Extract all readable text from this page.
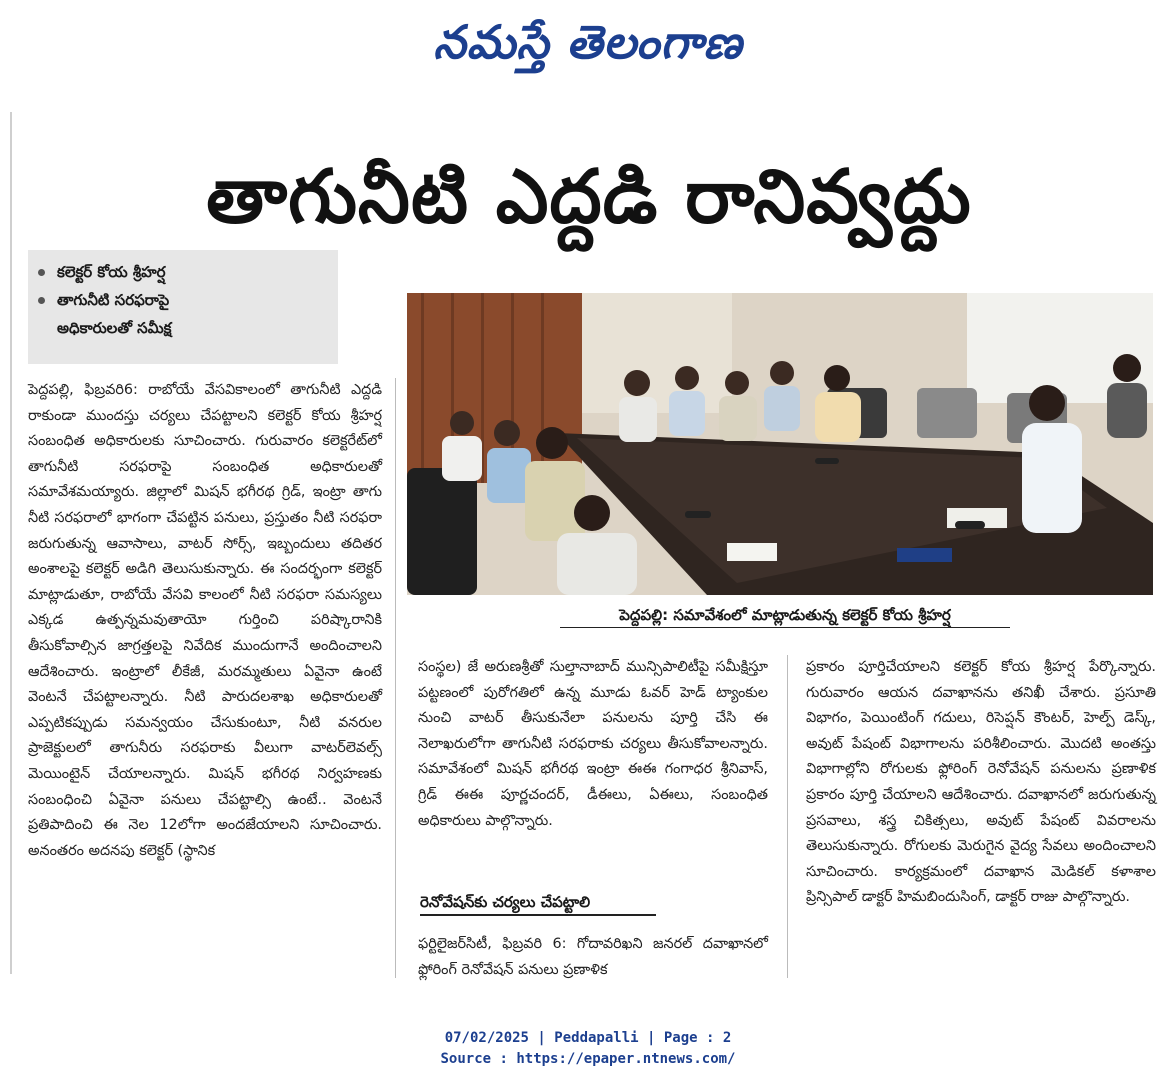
నమస్తే తెలంగాణ
తాగునీటి ఎద్దడి రానివ్వద్దు
కలెక్టర్ కోయ శ్రీహర్ష
తాగునీటి సరఫరాపై
అధికారులతో సమీక్ష
పెద్దపల్లి: సమావేశంలో మాట్లాడుతున్న కలెక్టర్ కోయ శ్రీహర్ష

పెద్దపల్లి, ఫిబ్రవరి6: రాబోయే వేసవికాలంలో తాగునీటి ఎద్దడి రాకుండా ముందస్తు చర్యలు చేపట్టాలని కలెక్టర్ కోయ శ్రీహర్ష సంబంధిత అధికారులకు సూచించారు. గురువారం కలెక్టరేట్‌లో తాగునీటి సరఫరాపై సంబంధిత అధికారులతో సమావేశమయ్యారు. జిల్లాలో మిషన్ భగీరథ గ్రిడ్, ఇంట్రా తాగు నీటి సరఫరాలో భాగంగా చేపట్టిన పనులు, ప్రస్తుతం నీటి సరఫరా జరుగుతున్న ఆవాసాలు, వాటర్ సోర్స్, ఇబ్బందులు తదితర అంశాలపై కలెక్టర్ అడిగి తెలుసుకున్నారు. ఈ సందర్భంగా కలెక్టర్ మాట్లాడుతూ, రాబోయే వేసవి కాలంలో నీటి సరఫరా సమస్యలు ఎక్కడ ఉత్పన్నమవుతాయో గుర్తించి పరిష్కారానికి తీసుకోవాల్సిన జాగ్రత్తలపై నివేదిక ముందుగానే అందించాలని ఆదేశించారు. ఇంట్రాలో లీకేజీ, మరమ్మతులు ఏవైనా ఉంటే వెంటనే చేపట్టాలన్నారు. నీటి పారుదలశాఖ అధికారులతో ఎప్పటికప్పుడు సమన్వయం చేసుకుంటూ, నీటి వనరుల ప్రాజెక్టులలో తాగునీరు సరఫరాకు వీలుగా వాటర్‌లెవల్స్ మెయింటైన్ చేయాలన్నారు. మిషన్ భగీరథ నిర్వహణకు సంబంధించి ఏవైనా పనులు చేపట్టాల్సి ఉంటే.. వెంటనే ప్రతిపాదించి ఈ నెల 12లోగా అందజేయాలని సూచించారు. అనంతరం అదనపు కలెక్టర్ (స్థానిక

సంస్థల) జే అరుణశ్రీతో సుల్తానాబాద్ మున్సిపాలిటీపై సమీక్షిస్తూ పట్టణంలో పురోగతిలో ఉన్న మూడు ఓవర్ హెడ్ ట్యాంకుల నుంచి వాటర్ తీసుకునేలా పనులను పూర్తి చేసి ఈ నెలాఖరులోగా తాగునీటి సరఫరాకు చర్యలు తీసుకోవాలన్నారు. సమావేశంలో మిషన్ భగీరథ ఇంట్రా ఈఈ గంగాధర శ్రీనివాస్, గ్రిడ్ ఈఈ పూర్ణచందర్, డీఈలు, ఏఈలు, సంబంధిత అధికారులు పాల్గొన్నారు.

రెనోవేషన్‌కు చర్యలు చేపట్టాలి

ఫర్టిలైజర్‌సిటీ, ఫిబ్రవరి 6: గోదావరిఖని జనరల్ దవాఖానలో ఫ్లోరింగ్ రెనోవేషన్ పనులు ప్రణాళిక

ప్రకారం పూర్తిచేయాలని కలెక్టర్ కోయ శ్రీహర్ష పేర్కొన్నారు. గురువారం ఆయన దవాఖానను తనిఖీ చేశారు. ప్రసూతి విభాగం, పెయింటింగ్ గదులు, రిసెప్షన్ కౌంటర్, హెల్ప్ డెస్క్, అవుట్ పేషంట్ విభాగాలను పరిశీలించారు. మొదటి అంతస్తు విభాగాల్లోని రోగులకు ఫ్లోరింగ్ రెనోవేషన్ పనులను ప్రణాళిక ప్రకారం పూర్తి చేయాలని ఆదేశించారు. దవాఖానలో జరుగుతున్న ప్రసవాలు, శస్త్ర చికిత్సలు, అవుట్ పేషంట్ వివరాలను తెలుసుకున్నారు. రోగులకు మెరుగైన వైద్య సేవలు అందించాలని సూచించారు. కార్యక్రమంలో దవాఖాన మెడికల్ కళాశాల ప్రిన్సిపాల్ డాక్టర్ హిమబిందుసింగ్, డాక్టర్ రాజు పాల్గొన్నారు.

07/02/2025 | Peddapalli | Page : 2
Source : https://epaper.ntnews.com/
